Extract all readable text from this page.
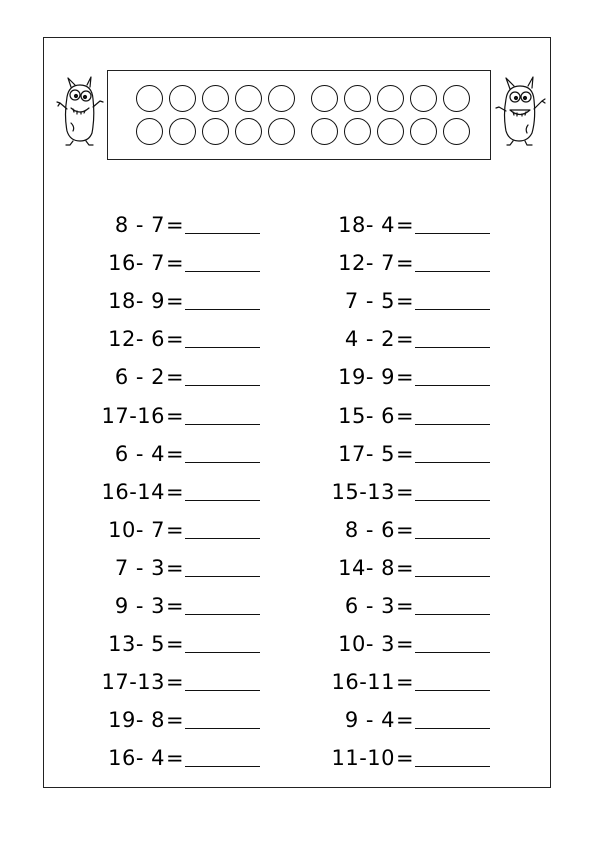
8 - 7=
16- 7=
18- 9=
12- 6=
6 - 2=
17-16=
6 - 4=
16-14=
10- 7=
7 - 3=
9 - 3=
13- 5=
17-13=
19- 8=
16- 4=
18- 4=
12- 7=
7 - 5=
4 - 2=
19- 9=
15- 6=
17- 5=
15-13=
8 - 6=
14- 8=
6 - 3=
10- 3=
16-11=
9 - 4=
11-10=
